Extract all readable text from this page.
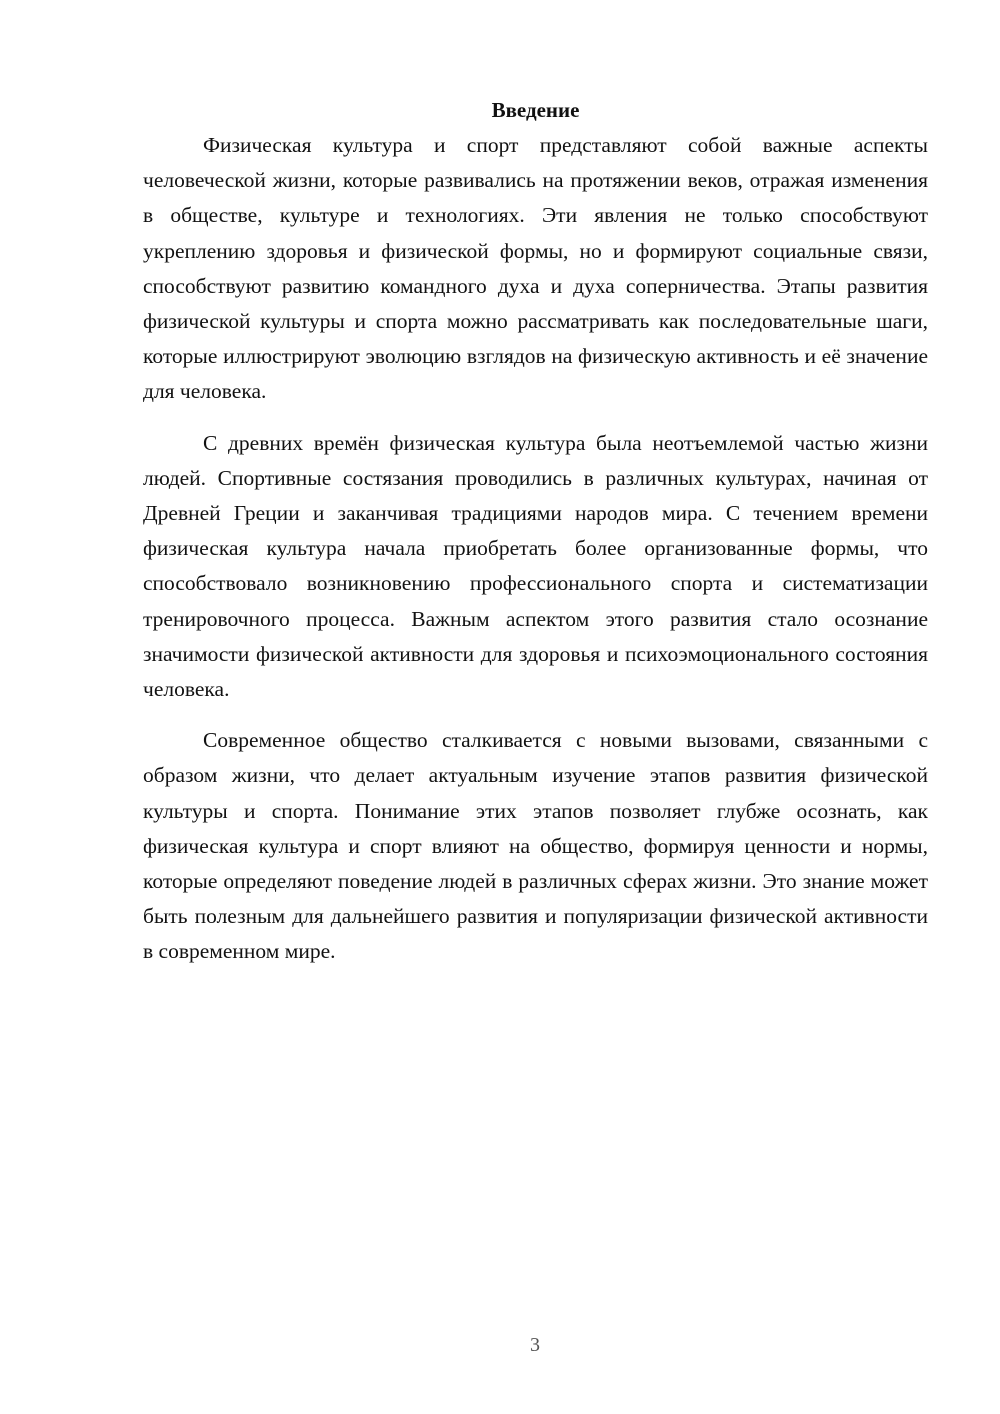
Введение

Физическая культура и спорт представляют собой важные аспекты человеческой жизни, которые развивались на протяжении веков, отражая изменения в обществе, культуре и технологиях. Эти явления не только способствуют укреплению здоровья и физической формы, но и формируют социальные связи, способствуют развитию командного духа и духа соперничества. Этапы развития физической культуры и спорта можно рассматривать как последовательные шаги, которые иллюстрируют эволюцию взглядов на физическую активность и её значение для человека.

С древних времён физическая культура была неотъемлемой частью жизни людей. Спортивные состязания проводились в различных культурах, начиная от Древней Греции и заканчивая традициями народов мира. С течением времени физическая культура начала приобретать более организованные формы, что способствовало возникновению профессионального спорта и систематизации тренировочного процесса. Важным аспектом этого развития стало осознание значимости физической активности для здоровья и психоэмоционального состояния человека.

Современное общество сталкивается с новыми вызовами, связанными с образом жизни, что делает актуальным изучение этапов развития физической культуры и спорта. Понимание этих этапов позволяет глубже осознать, как физическая культура и спорт влияют на общество, формируя ценности и нормы, которые определяют поведение людей в различных сферах жизни. Это знание может быть полезным для дальнейшего развития и популяризации физической активности в современном мире.

3
